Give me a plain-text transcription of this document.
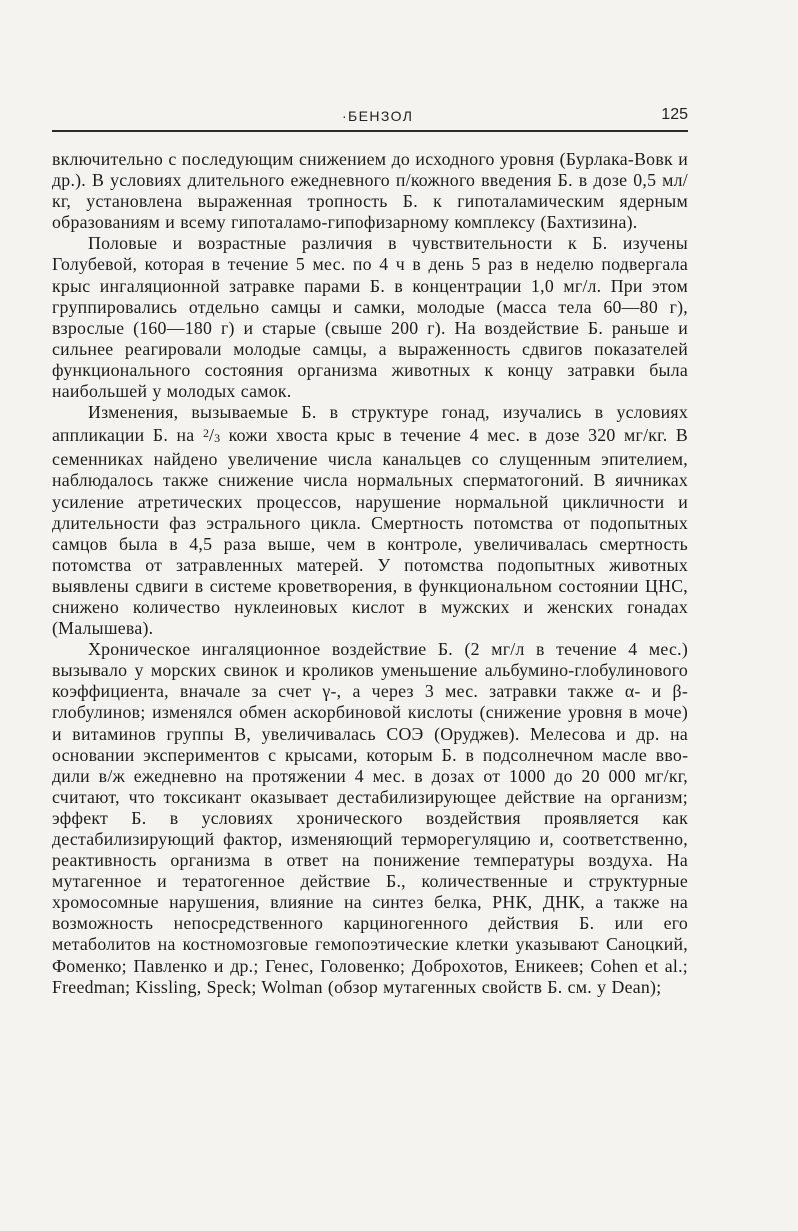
·БЕНЗОЛ	125

включительно с последующим снижением до исходного уровня (Бурлака-Вовк и др.). В условиях длительного ежедневного п/кожного введения Б. в дозе 0,5 мл/кг, установлена выраженная тропность Б. к гипоталамическим ядерным образованиям и всему гипоталамо-гипофизарному комплексу (Бахтизина).

Половые и возрастные различия в чувствительности к Б. изучены Голубевой, которая в течение 5 мес. по 4 ч в день 5 раз в неделю подвергала крыс ингаляционной затравке парами Б. в концентрации 1,0 мг/л. При этом группировались отдельно самцы и самки, молодые (масса тела 60—80 г), взрослые (160—180 г) и старые (свыше 200 г). На воздействие Б. раньше и сильнее реагировали молодые самцы, а выраженность сдвигов показателей функционального состояния организма животных к концу затравки была наибольшей у молодых самок.

Изменения, вызываемые Б. в структуре гонад, изучались в условиях аппликации Б. на $^2$/3 кожи хвоста крыс в течение 4 мес. в дозе 320 мг/кг. В семенниках найдено увеличение числа канальцев со слущенным эпителием, наблюдалось также снижение числа нормальных сперматогоний. В яичниках усиление атретических процессов, нарушение нормальной цикличности и длительности фаз эстрального цикла. Смертность потомства от подопытных самцов была в 4,5 раза выше, чем в контроле, увеличивалась смертность потомства от затравленных матерей. У потомства подопытных животных выявлены сдвиги в системе кроветворения, в функциональном состоянии ЦНС, снижено количество нуклеиновых кислот в мужских и женских гонадах (Малышева).

Хроническое ингаляционное воздействие Б. (2 мг/л в течение 4 мес.) вызывало у морских свинок и кроликов уменьшение альбумино-глобулинового коэффициента, вначале за счет γ-, а через 3 мес. затравки также α- и β-глобулинов; изменялся обмен аскорбиновой кислоты (снижение уровня в моче) и витаминов группы В, увеличивалась СОЭ (Оруджев). Мелесова и др. на основании экспериментов с крысами, которым Б. в подсолнечном масле вводили в/ж ежедневно на протяжении 4 мес. в дозах от 1000 до 20 000 мг/кг, считают, что токсикант оказывает дестабилизирующее действие на организм; эффект Б. в условиях хронического воздействия проявляется как дестабилизирующий фактор, изменяющий терморегуляцию и, соответственно, реактивность организма в ответ на понижение температуры воздуха. На мутагенное и тератогенное действие Б., количественные и структурные хромосомные нарушения, влияние на синтез белка, РНК, ДНК, а также на возможность непосредственного карциногенного действия Б. или его метаболитов на костномозговые гемопоэтические клетки указывают Саноцкий, Фоменко; Павленко и др.; Генес, Головенко; Доброхотов, Еникеев; Cohen et al.; Freedman; Kissling, Speck; Wolman (обзор мутагенных свойств Б. см. у Dean);
